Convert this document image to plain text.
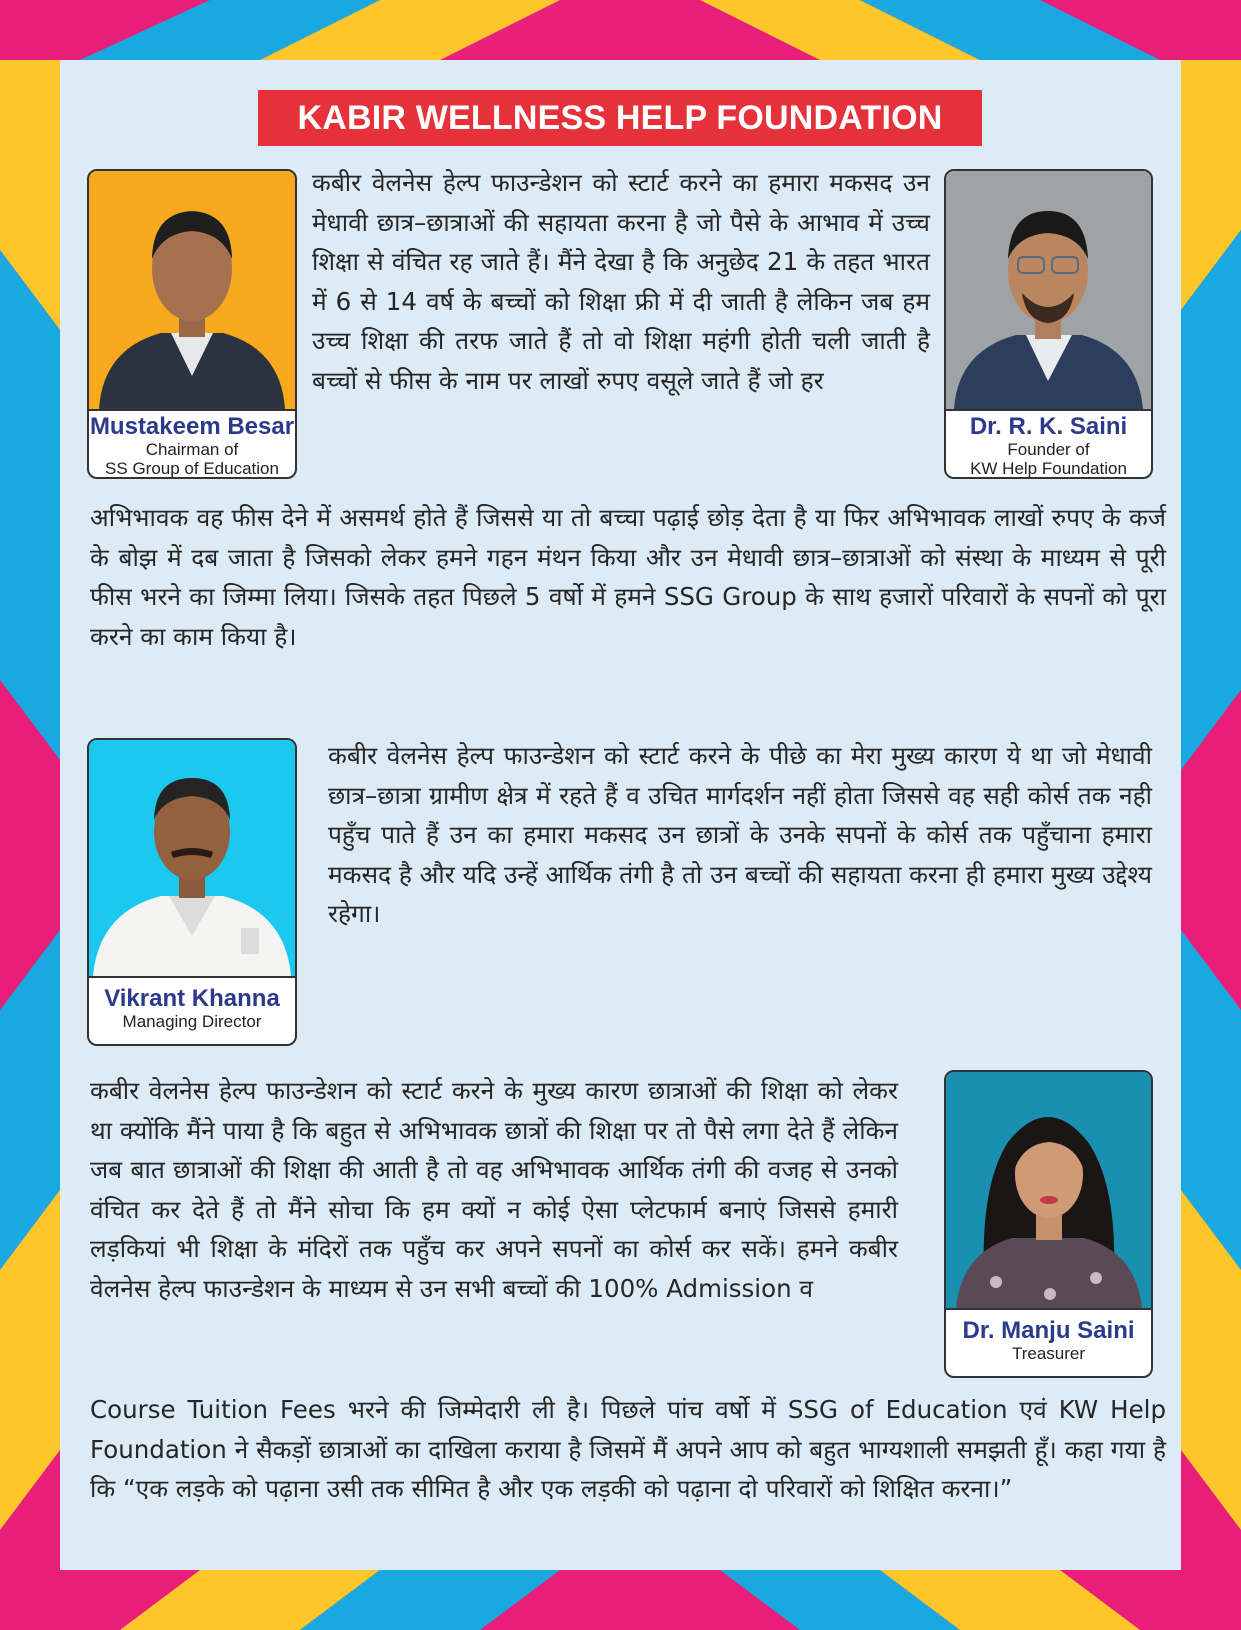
KABIR WELLNESS HELP FOUNDATION
Mustakeem Besar
Chairman of
SS Group of Education
Dr. R. K. Saini
Founder of
KW Help Foundation

कबीर वेलनेस हेल्प फाउन्डेशन को स्टार्ट करने का हमारा मकसद उन मेधावी छात्र–छात्राओं की सहायता करना है जो पैसे के आभाव में उच्च शिक्षा से वंचित रह जाते हैं। मैंने देखा है कि अनुछेद 21 के तहत भारत में 6 से 14 वर्ष के बच्चों को शिक्षा फ्री में दी जाती है लेकिन जब हम उच्च शिक्षा की तरफ जाते हैं तो वो शिक्षा महंगी होती चली जाती है बच्चों से फीस के नाम पर लाखों रुपए वसूले जाते हैं जो हर

अभिभावक वह फीस देने में असमर्थ होते हैं जिससे या तो बच्चा पढ़ाई छोड़ देता है या फिर अभिभावक लाखों रुपए के कर्ज के बोझ में दब जाता है जिसको लेकर हमने गहन मंथन किया और उन मेधावी छात्र–छात्राओं को संस्था के माध्यम से पूरी फीस भरने का जिम्मा लिया। जिसके तहत पिछले 5 वर्षो में हमने SSG Group के साथ हजारों परिवारों के सपनों को पूरा करने का काम किया है।

Vikrant Khanna
Managing Director

कबीर वेलनेस हेल्प फाउन्डेशन को स्टार्ट करने के पीछे का मेरा मुख्य कारण ये था जो मेधावी छात्र–छात्रा ग्रामीण क्षेत्र में रहते हैं व उचित मार्गदर्शन नहीं होता जिससे वह सही कोर्स तक नही पहुँच पाते हैं उन का हमारा मकसद उन छात्रों के उनके सपनों के कोर्स तक पहुँचाना हमारा मकसद है और यदि उन्हें आर्थिक तंगी है तो उन बच्चों की सहायता करना ही हमारा मुख्य उद्देश्य रहेगा।

Dr. Manju Saini
Treasurer

कबीर वेलनेस हेल्प फाउन्डेशन को स्टार्ट करने के मुख्य कारण छात्राओं की शिक्षा को लेकर था क्योंकि मैंने पाया है कि बहुत से अभिभावक छात्रों की शिक्षा पर तो पैसे लगा देते हैं लेकिन जब बात छात्राओं की शिक्षा की आती है तो वह अभिभावक आर्थिक तंगी की वजह से उनको वंचित कर देते हैं तो मैंने सोचा कि हम क्यों न कोई ऐसा प्लेटफार्म बनाएं जिससे हमारी लड़कियां भी शिक्षा के मंदिरों तक पहुँच कर अपने सपनों का कोर्स कर सकें। हमने कबीर वेलनेस हेल्प फाउन्डेशन के माध्यम से उन सभी बच्चों की 100% Admission व

Course Tuition Fees भरने की जिम्मेदारी ली है। पिछले पांच वर्षो में SSG of Education एवं KW Help Foundation ने सैकड़ों छात्राओं का दाखिला कराया है जिसमें मैं अपने आप को बहुत भाग्यशाली समझती हूँ। कहा गया है कि “एक लड़के को पढ़ाना उसी तक सीमित है और एक लड़की को पढ़ाना दो परिवारों को शिक्षित करना।”
